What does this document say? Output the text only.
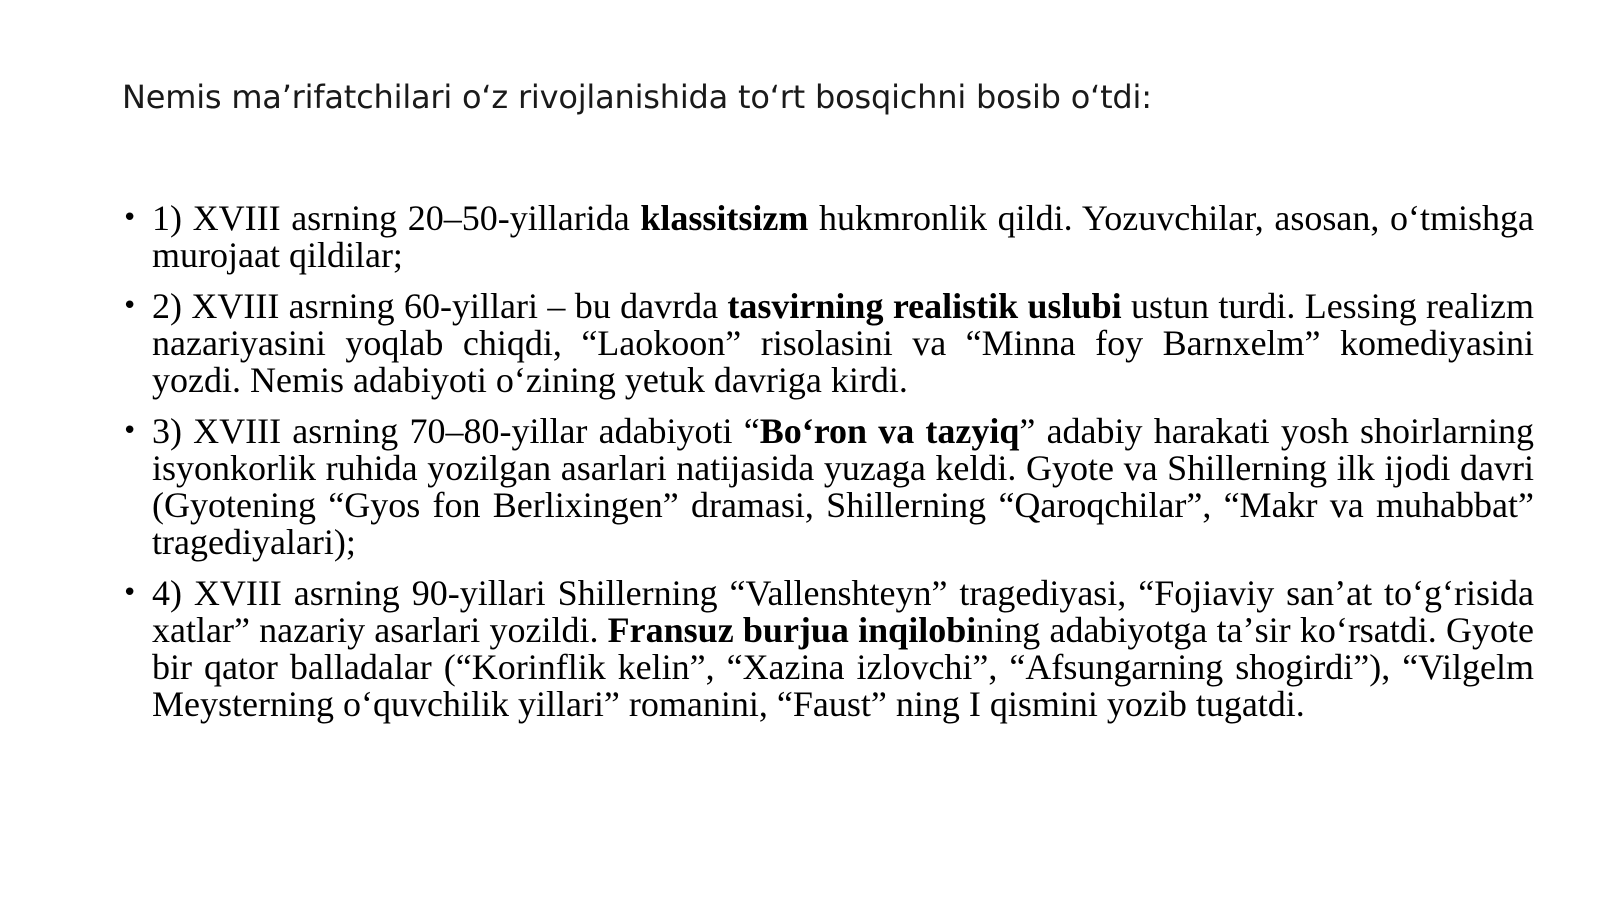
Nemis maʼrifatchilari oʻz rivojlanishida toʻrt bosqichni bosib oʻtdi:
• 1) XVIII asrning 20–50-yillarida klassitsizm hukmronlik qildi. Yozuvchilar, asosan, oʻtmishga murojaat qildilar;
• 2) XVIII asrning 60-yillari – bu davrda tasvirning realistik uslubi ustun turdi. Lessing realizm nazariyasini yoqlab chiqdi, “Laokoon” risolasini va “Minna foy Barnxelm” komediyasini yozdi. Nemis adabiyoti oʻzining yetuk davriga kirdi.
• 3) XVIII asrning 70–80-yillar adabiyoti “Boʻron va tazyiq” adabiy harakati yosh shoirlarning isyonkorlik ruhida yozilgan asarlari natijasida yuzaga keldi. Gyote va Shillerning ilk ijodi davri (Gyotening “Gyos fon Berlixingen” dramasi, Shillerning “Qaroqchilar”, “Makr va muhabbat” tragediyalari);
• 4) XVIII asrning 90-yillari Shillerning “Vallenshteyn” tragediyasi, “Fojiaviy sanʼat toʻgʻrisida xatlar” nazariy asarlari yozildi. Fransuz burjua inqilobining adabiyotga taʼsir koʻrsatdi. Gyote bir qator balladalar (“Korinflik kelin”, “Xazina izlovchi”, “Afsungarning shogirdi”), “Vilgelm Meysterning oʻquvchilik yillari” romanini, “Faust” ning I qismini yozib tugatdi.
